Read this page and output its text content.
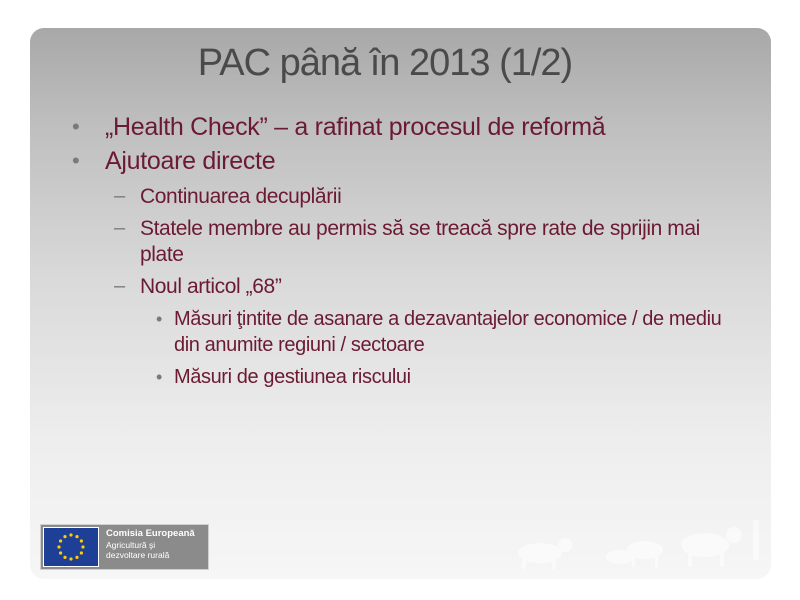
PAC până în 2013 (1/2)
• „Health Check” – a rafinat procesul de reformă
• Ajutoare directe
– Continuarea decuplării
– Statele membre au permis să se treacă spre rate de sprijin mai plate
– Noul articol „68”
• Măsuri ţintite de asanare a dezavantajelor economice / de mediu din anumite regiuni / sectoare
• Măsuri de gestiunea riscului
Comisia Europeană
Agricultură şi
dezvoltare rurală
